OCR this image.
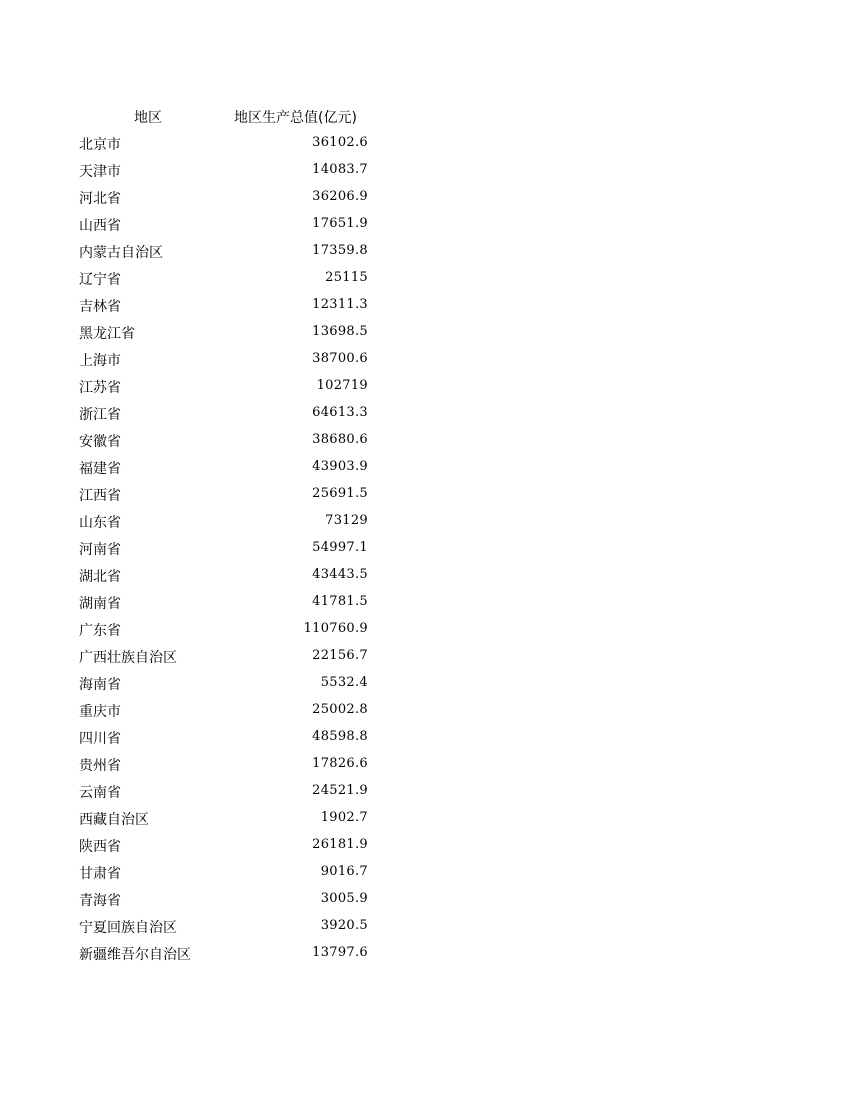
地区	地区生产总值(亿元)
北京市	36102.6
天津市	14083.7
河北省	36206.9
山西省	17651.9
内蒙古自治区	17359.8
辽宁省	25115
吉林省	12311.3
黑龙江省	13698.5
上海市	38700.6
江苏省	102719
浙江省	64613.3
安徽省	38680.6
福建省	43903.9
江西省	25691.5
山东省	73129
河南省	54997.1
湖北省	43443.5
湖南省	41781.5
广东省	110760.9
广西壮族自治区	22156.7
海南省	5532.4
重庆市	25002.8
四川省	48598.8
贵州省	17826.6
云南省	24521.9
西藏自治区	1902.7
陕西省	26181.9
甘肃省	9016.7
青海省	3005.9
宁夏回族自治区	3920.5
新疆维吾尔自治区	13797.6
